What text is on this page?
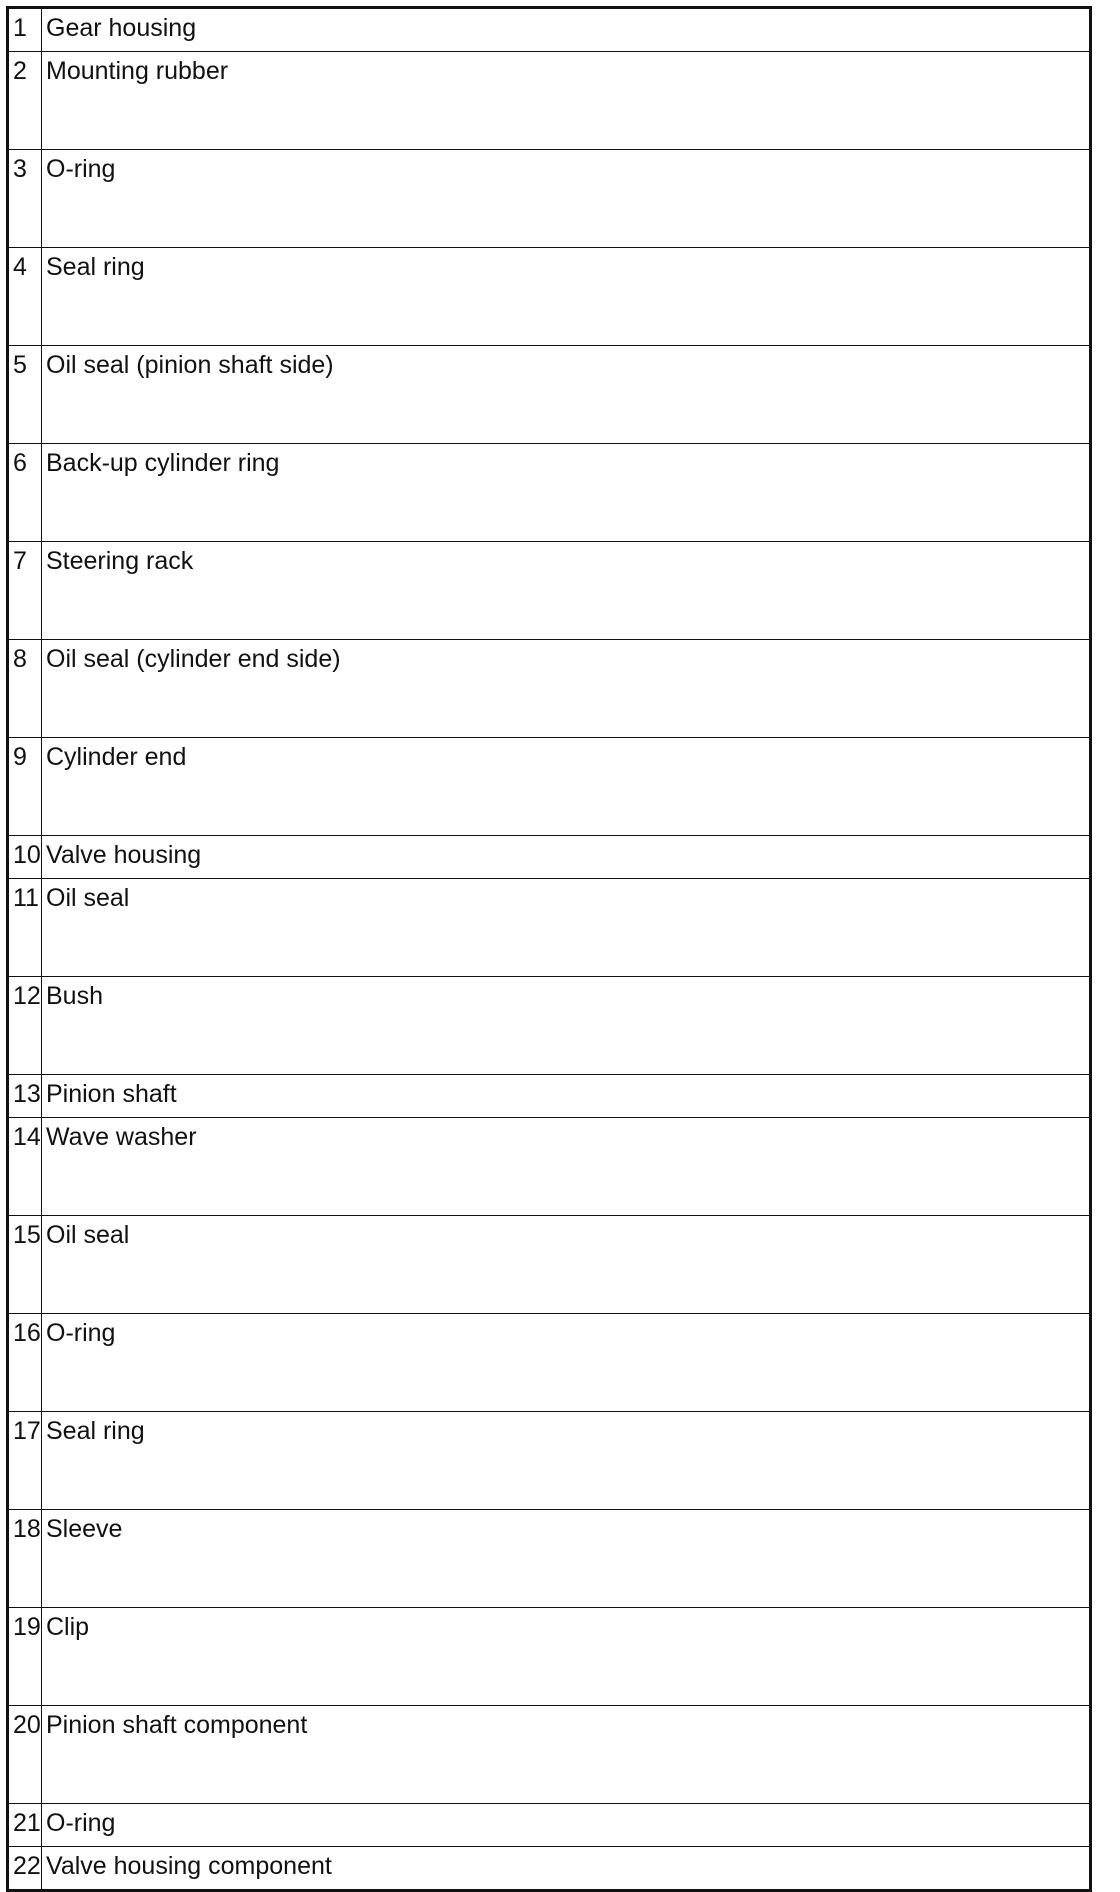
1	Gear housing
2	Mounting rubber
3	O-ring
4	Seal ring
5	Oil seal (pinion shaft side)
6	Back-up cylinder ring
7	Steering rack
8	Oil seal (cylinder end side)
9	Cylinder end
10	Valve housing
11	Oil seal
12	Bush
13	Pinion shaft
14	Wave washer
15	Oil seal
16	O-ring
17	Seal ring
18	Sleeve
19	Clip
20	Pinion shaft component
21	O-ring
22	Valve housing component
